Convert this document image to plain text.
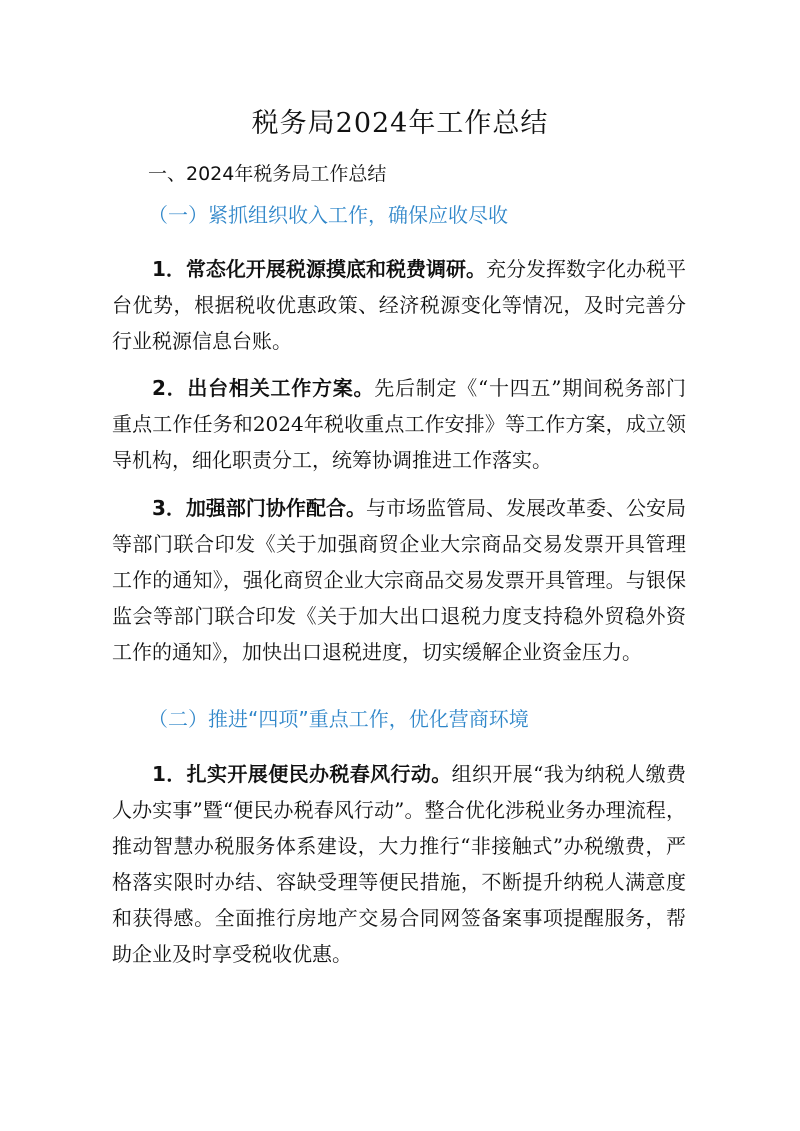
税务局2024年工作总结
一、2024年税务局工作总结
（一）紧抓组织收入工作，确保应收尽收

1．常态化开展税源摸底和税费调研。充分发挥数字化办税平台优势，根据税收优惠政策、经济税源变化等情况，及时完善分行业税源信息台账。

2．出台相关工作方案。先后制定《“十四五”期间税务部门重点工作任务和2024年税收重点工作安排》等工作方案，成立领导机构，细化职责分工，统筹协调推进工作落实。

3．加强部门协作配合。与市场监管局、发展改革委、公安局等部门联合印发《关于加强商贸企业大宗商品交易发票开具管理工作的通知》，强化商贸企业大宗商品交易发票开具管理。与银保监会等部门联合印发《关于加大出口退税力度支持稳外贸稳外资工作的通知》，加快出口退税进度，切实缓解企业资金压力。

（二）推进“四项”重点工作，优化营商环境

1．扎实开展便民办税春风行动。组织开展“我为纳税人缴费人办实事”暨“便民办税春风行动”。整合优化涉税业务办理流程，推动智慧办税服务体系建设，大力推行“非接触式”办税缴费，严格落实限时办结、容缺受理等便民措施，不断提升纳税人满意度和获得感。全面推行房地产交易合同网签备案事项提醒服务，帮助企业及时享受税收优惠。
